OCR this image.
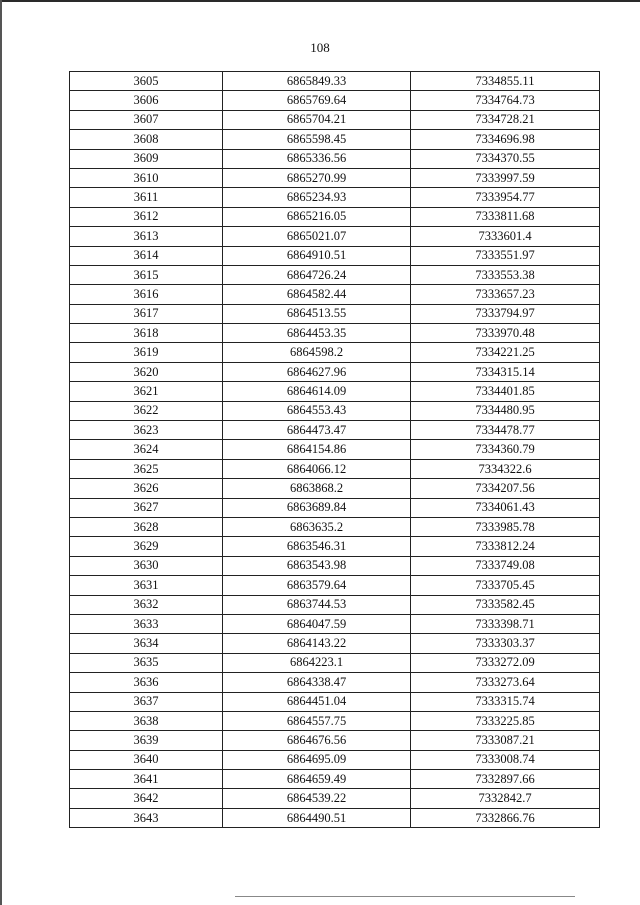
108
3605	6865849.33	7334855.11
3606	6865769.64	7334764.73
3607	6865704.21	7334728.21
3608	6865598.45	7334696.98
3609	6865336.56	7334370.55
3610	6865270.99	7333997.59
3611	6865234.93	7333954.77
3612	6865216.05	7333811.68
3613	6865021.07	7333601.4
3614	6864910.51	7333551.97
3615	6864726.24	7333553.38
3616	6864582.44	7333657.23
3617	6864513.55	7333794.97
3618	6864453.35	7333970.48
3619	6864598.2	7334221.25
3620	6864627.96	7334315.14
3621	6864614.09	7334401.85
3622	6864553.43	7334480.95
3623	6864473.47	7334478.77
3624	6864154.86	7334360.79
3625	6864066.12	7334322.6
3626	6863868.2	7334207.56
3627	6863689.84	7334061.43
3628	6863635.2	7333985.78
3629	6863546.31	7333812.24
3630	6863543.98	7333749.08
3631	6863579.64	7333705.45
3632	6863744.53	7333582.45
3633	6864047.59	7333398.71
3634	6864143.22	7333303.37
3635	6864223.1	7333272.09
3636	6864338.47	7333273.64
3637	6864451.04	7333315.74
3638	6864557.75	7333225.85
3639	6864676.56	7333087.21
3640	6864695.09	7333008.74
3641	6864659.49	7332897.66
3642	6864539.22	7332842.7
3643	6864490.51	7332866.76
